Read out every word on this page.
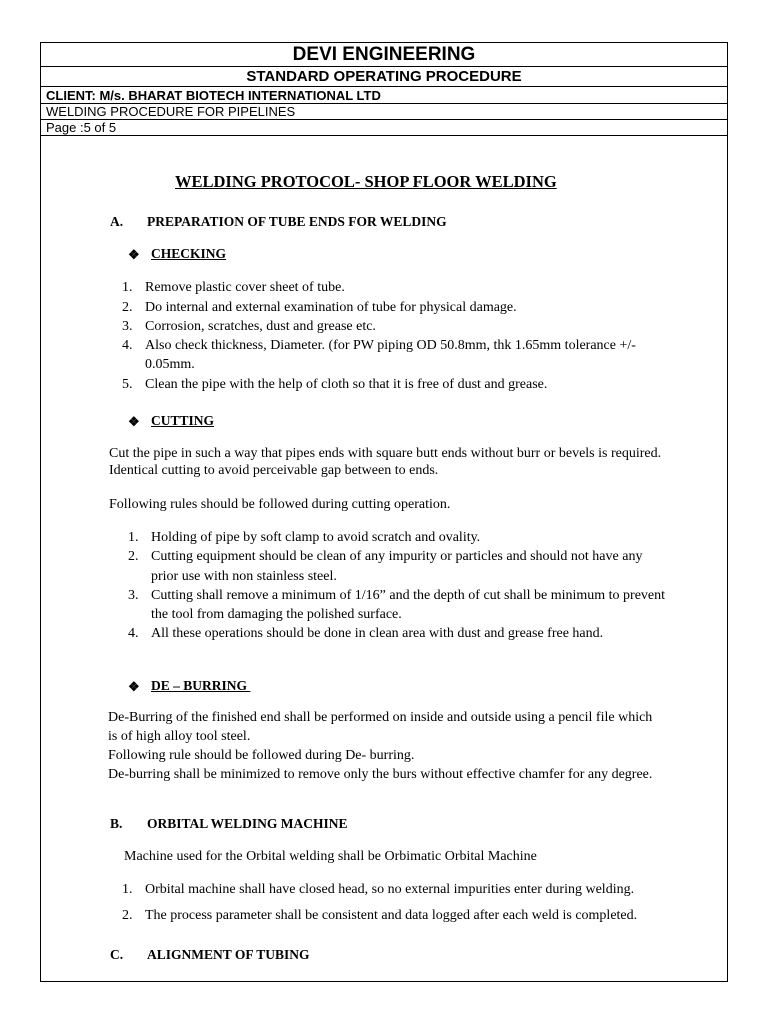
DEVI ENGINEERING
STANDARD OPERATING PROCEDURE
CLIENT: M/s. BHARAT BIOTECH INTERNATIONAL LTD
WELDING PROCEDURE FOR PIPELINES
Page :5 of 5
WELDING PROTOCOL- SHOP FLOOR WELDING
A. PREPARATION OF TUBE ENDS FOR WELDING
❖ CHECKING
1. Remove plastic cover sheet of tube.
2. Do internal and external examination of tube for physical damage.
3. Corrosion, scratches, dust and grease etc.
4. Also check thickness, Diameter. (for PW piping OD 50.8mm, thk 1.65mm tolerance +/-
0.05mm.
5. Clean the pipe with the help of cloth so that it is free of dust and grease.
❖ CUTTING
Cut the pipe in such a way that pipes ends with square butt ends without burr or bevels is required.
Identical cutting to avoid perceivable gap between to ends.
Following rules should be followed during cutting operation.
1. Holding of pipe by soft clamp to avoid scratch and ovality.
2. Cutting equipment should be clean of any impurity or particles and should not have any
prior use with non stainless steel.
3. Cutting shall remove a minimum of 1/16” and the depth of cut shall be minimum to prevent
the tool from damaging the polished surface.
4. All these operations should be done in clean area with dust and grease free hand.
❖ DE – BURRING
De-Burring of the finished end shall be performed on inside and outside using a pencil file which
is of high alloy tool steel.
Following rule should be followed during De- burring.
De-burring shall be minimized to remove only the burs without effective chamfer for any degree.
B. ORBITAL WELDING MACHINE
Machine used for the Orbital welding shall be Orbimatic Orbital Machine
1. Orbital machine shall have closed head, so no external impurities enter during welding.
2. The process parameter shall be consistent and data logged after each weld is completed.
C. ALIGNMENT OF TUBING
